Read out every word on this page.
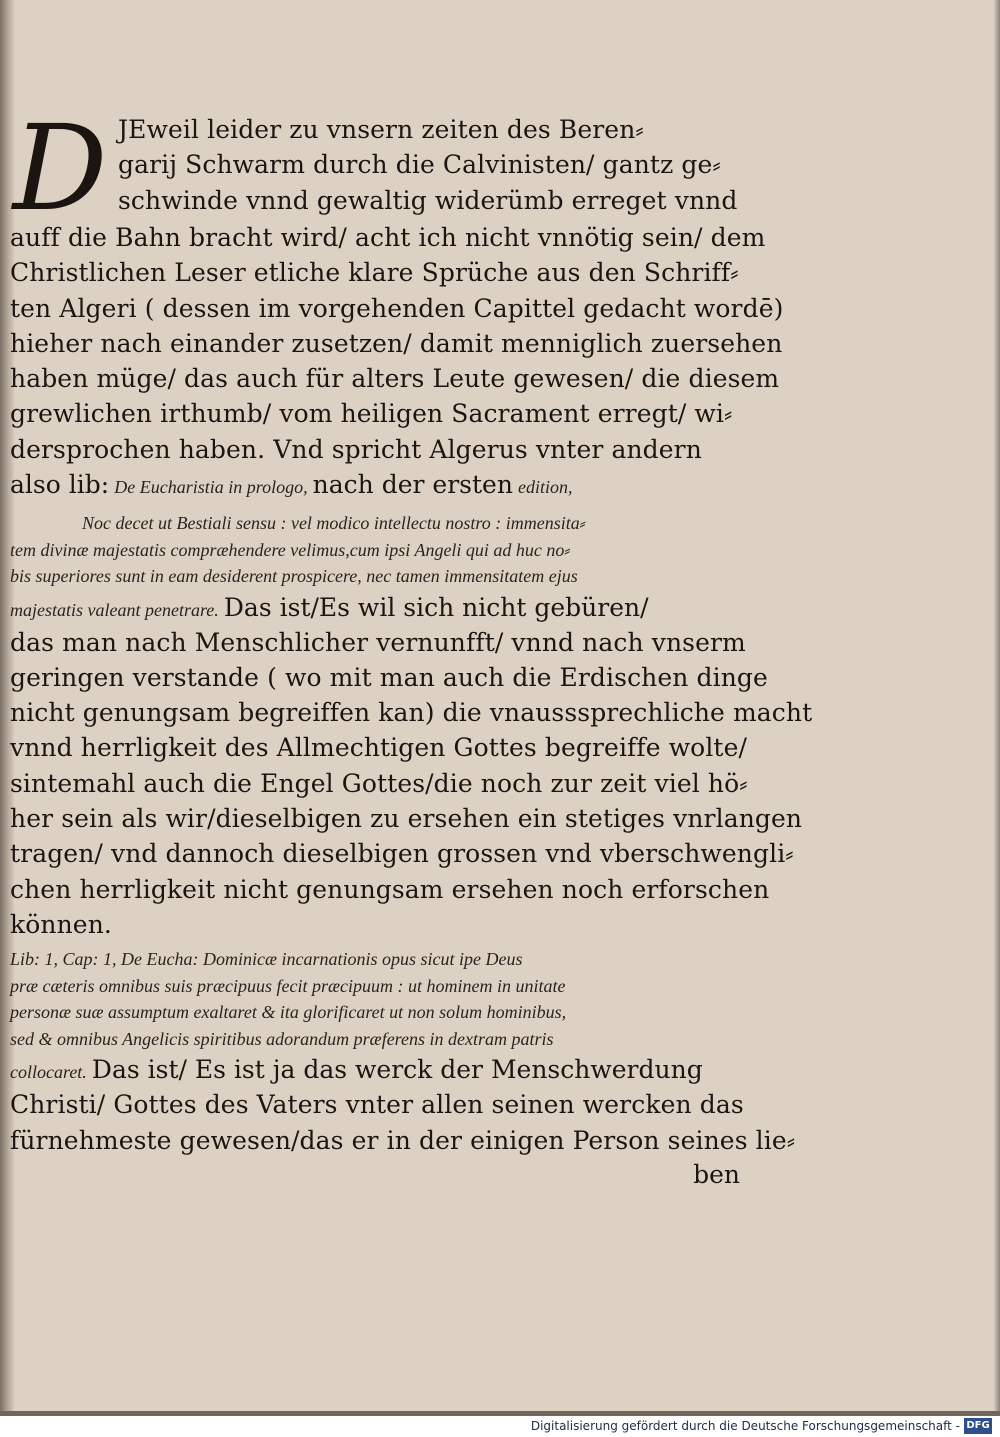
D JEweil leider zu vnsern zeiten des Beren⸗
garij Schwarm durch die Calvinisten/ gantz ge⸗
schwinde vnnd gewaltig widerümb erreget vnnd
auff die Bahn bracht wird/ acht ich nicht vnnötig sein/ dem
Christlichen Leser etliche klare Sprüche aus den Schriff⸗
ten Algeri ( dessen im vorgehenden Capittel gedacht wordē)
hieher nach einander zusetzen/ damit menniglich zuersehen
haben müge/ das auch für alters Leute gewesen/ die diesem
grewlichen irthumb/ vom heiligen Sacrament erregt/ wi⸗
dersprochen haben. Vnd spricht Algerus vnter andern
also lib: De Eucharistia in prologo, nach der ersten edition,
Noc decet ut Bestiali sensu : vel modico intellectu nostro : immensita⸗
tem divinæ majestatis compræhendere velimus,cum ipsi Angeli qui ad huc no⸗
bis superiores sunt in eam desiderent prospicere, nec tamen immensitatem ejus
majestatis valeant penetrare. Das ist/Es wil sich nicht gebüren/
das man nach Menschlicher vernunfft/ vnnd nach vnserm
geringen verstande ( wo mit man auch die Erdischen dinge
nicht genungsam begreiffen kan) die vnausssprechliche macht
vnnd herrligkeit des Allmechtigen Gottes begreiffe wolte/
sintemahl auch die Engel Gottes/die noch zur zeit viel hö⸗
her sein als wir/dieselbigen zu ersehen ein stetiges vnrlangen
tragen/ vnd dannoch dieselbigen grossen vnd vberschwengli⸗
chen herrligkeit nicht genungsam ersehen noch erforschen
können.
Lib: 1, Cap: 1, De Eucha: Dominicæ incarnationis opus sicut ipe Deus
præ cæteris omnibus suis præcipuus fecit præcipuum : ut hominem in unitate
personæ suæ assumptum exaltaret & ita glorificaret ut non solum hominibus,
sed & omnibus Angelicis spiritibus adorandum præferens in dextram patris
collocaret. Das ist/ Es ist ja das werck der Menschwerdung
Christi/ Gottes des Vaters vnter allen seinen wercken das
fürnehmeste gewesen/das er in der einigen Person seines lie⸗
ben
Digitalisierung gefördert durch die Deutsche Forschungsgemeinschaft - DFG
